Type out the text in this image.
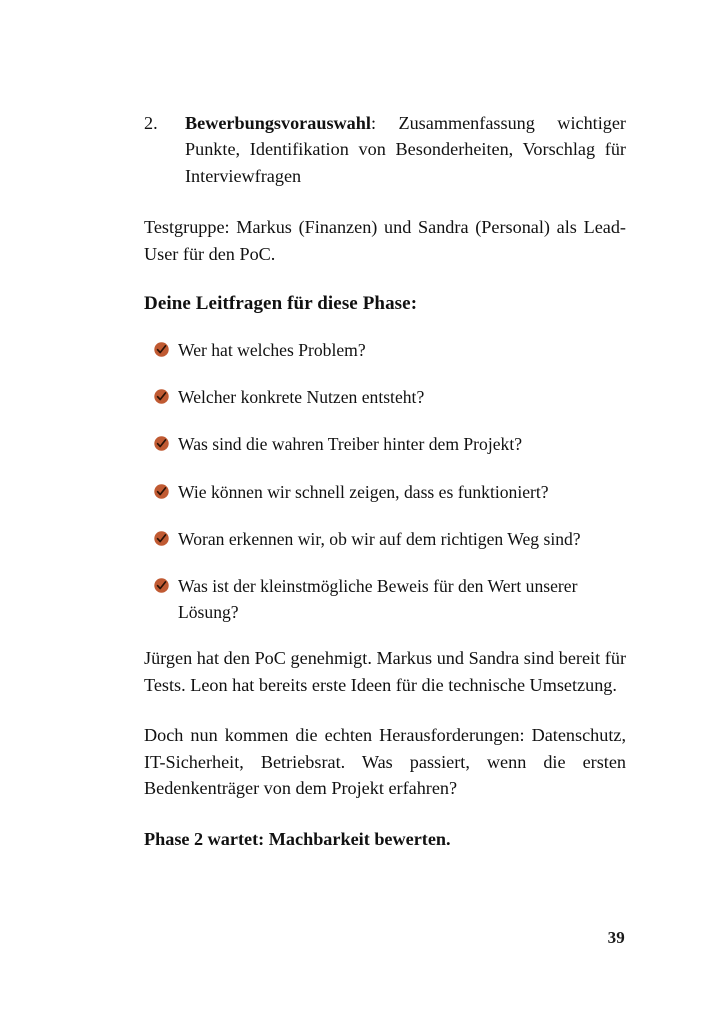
2.	Bewerbungsvorauswahl: Zusammenfassung wichtiger Punkte, Identifikation von Besonderheiten, Vorschlag für Interviewfragen

Testgruppe: Markus (Finanzen) und Sandra (Personal) als Lead-User für den PoC.

Deine Leitfragen für diese Phase:
Wer hat welches Problem?
Welcher konkrete Nutzen entsteht?
Was sind die wahren Treiber hinter dem Projekt?
Wie können wir schnell zeigen, dass es funktioniert?
Woran erkennen wir, ob wir auf dem richtigen Weg sind?
Was ist der kleinstmögliche Beweis für den Wert unserer Lösung?

Jürgen hat den PoC genehmigt. Markus und Sandra sind bereit für Tests. Leon hat bereits erste Ideen für die technische Umsetzung.

Doch nun kommen die echten Herausforderungen: Datenschutz, IT-Sicherheit, Betriebsrat. Was passiert, wenn die ersten Bedenkenträger von dem Projekt erfahren?

Phase 2 wartet: Machbarkeit bewerten.

39
